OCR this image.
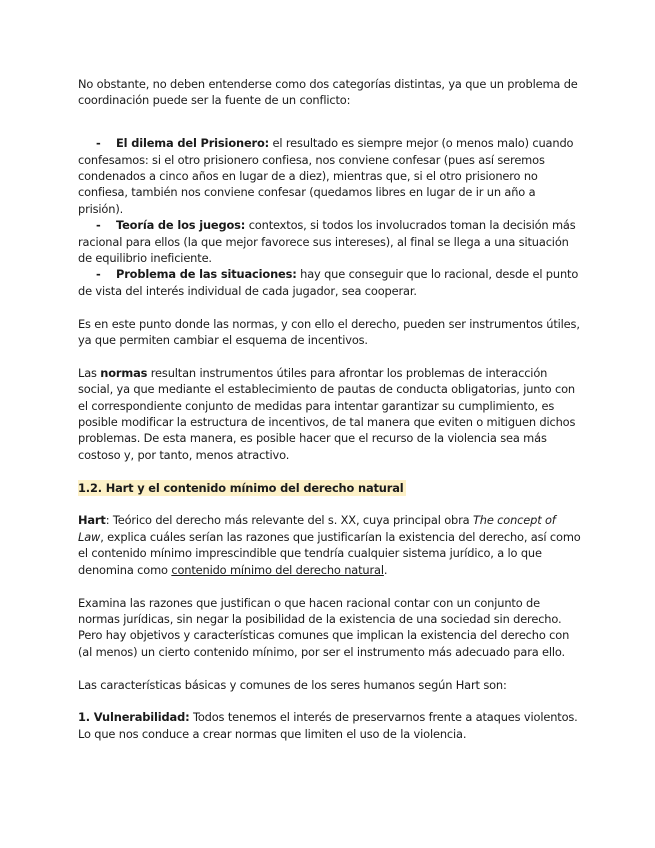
No obstante, no deben entenderse como dos categorías distintas, ya que un problema de coordinación puede ser la fuente de un conflicto:

- El dilema del Prisionero: el resultado es siempre mejor (o menos malo) cuando confesamos: si el otro prisionero confiesa, nos conviene confesar (pues así seremos condenados a cinco años en lugar de a diez), mientras que, si el otro prisionero no confiesa, también nos conviene confesar (quedamos libres en lugar de ir un año a prisión).

- Teoría de los juegos: contextos, si todos los involucrados toman la decisión más racional para ellos (la que mejor favorece sus intereses), al final se llega a una situación de equilibrio ineficiente.

- Problema de las situaciones: hay que conseguir que lo racional, desde el punto de vista del interés individual de cada jugador, sea cooperar.

Es en este punto donde las normas, y con ello el derecho, pueden ser instrumentos útiles, ya que permiten cambiar el esquema de incentivos.

Las normas resultan instrumentos útiles para afrontar los problemas de interacción social, ya que mediante el establecimiento de pautas de conducta obligatorias, junto con el correspondiente conjunto de medidas para intentar garantizar su cumplimiento, es posible modificar la estructura de incentivos, de tal manera que eviten o mitiguen dichos problemas. De esta manera, es posible hacer que el recurso de la violencia sea más costoso y, por tanto, menos atractivo.

1.2. Hart y el contenido mínimo del derecho natural

Hart: Teórico del derecho más relevante del s. XX, cuya principal obra The concept of Law, explica cuáles serían las razones que justificarían la existencia del derecho, así como el contenido mínimo imprescindible que tendría cualquier sistema jurídico, a lo que denomina como contenido mínimo del derecho natural.

Examina las razones que justifican o que hacen racional contar con un conjunto de normas jurídicas, sin negar la posibilidad de la existencia de una sociedad sin derecho. Pero hay objetivos y características comunes que implican la existencia del derecho con (al menos) un cierto contenido mínimo, por ser el instrumento más adecuado para ello.

Las características básicas y comunes de los seres humanos según Hart son:

1. Vulnerabilidad: Todos tenemos el interés de preservarnos frente a ataques violentos. Lo que nos conduce a crear normas que limiten el uso de la violencia.
